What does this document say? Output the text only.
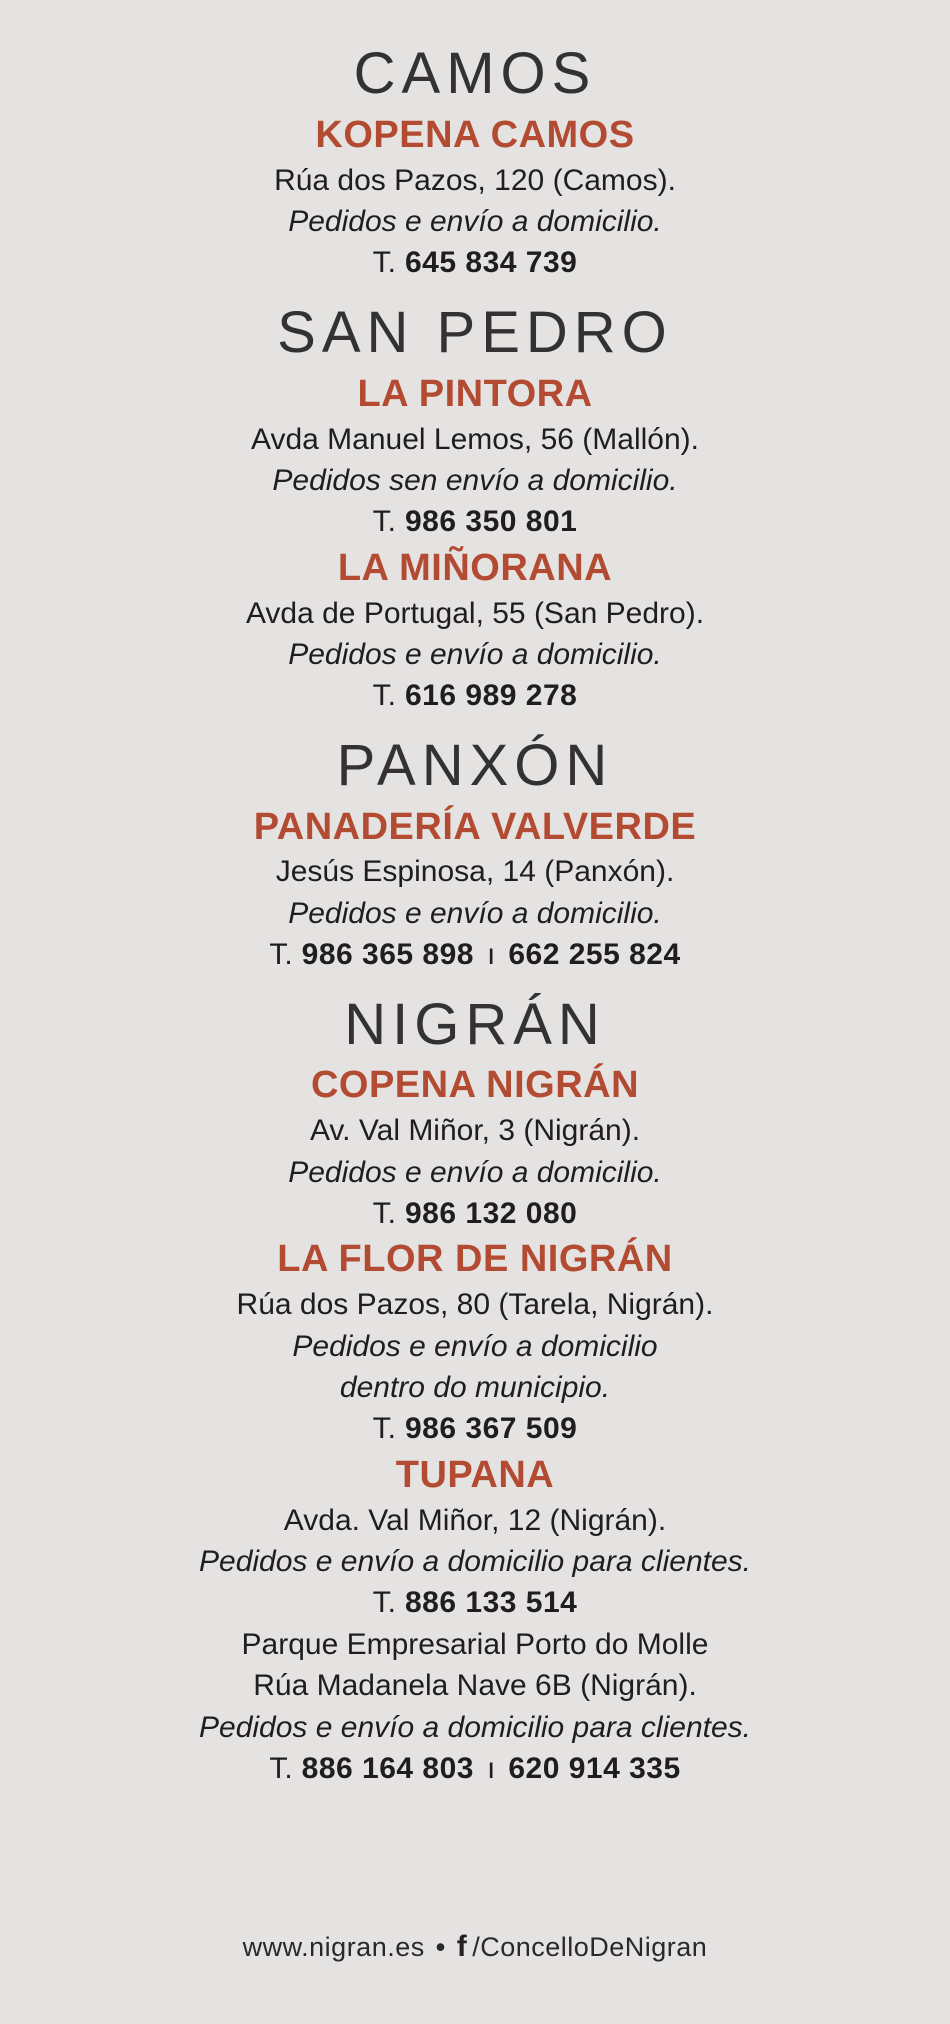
CAMOS
KOPENA CAMOS

Rúa dos Pazos, 120 (Camos).

Pedidos e envío a domicilio.

T. 645 834 739

SAN PEDRO
LA PINTORA

Avda Manuel Lemos, 56 (Mallón).

Pedidos sen envío a domicilio.

T. 986 350 801

LA MIÑORANA

Avda de Portugal, 55 (San Pedro).

Pedidos e envío a domicilio.

T. 616 989 278

PANXÓN
PANADERÍA VALVERDE

Jesús Espinosa, 14 (Panxón).

Pedidos e envío a domicilio.

T. 986 365 898 ı 662 255 824

NIGRÁN
COPENA NIGRÁN

Av. Val Miñor, 3 (Nigrán).

Pedidos e envío a domicilio.

T. 986 132 080

LA FLOR DE NIGRÁN

Rúa dos Pazos, 80 (Tarela, Nigrán).

Pedidos e envío a domicilio

dentro do municipio.

T. 986 367 509

TUPANA

Avda. Val Miñor, 12 (Nigrán).

Pedidos e envío a domicilio para clientes.

T. 886 133 514

Parque Empresarial Porto do Molle

Rúa Madanela Nave 6B (Nigrán).

Pedidos e envío a domicilio para clientes.

T. 886 164 803 ı 620 914 335

www.nigran.es • f /ConcelloDeNigran
